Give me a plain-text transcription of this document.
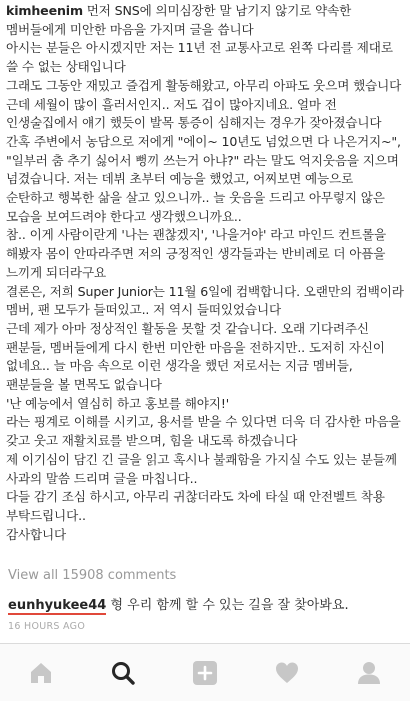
kimheenim 먼저 SNS에 의미심장한 말 남기지 않기로 약속한 멤버들에게 미안한 마음을 가지며 글을 씁니다
아시는 분들은 아시겠지만 저는 11년 전 교통사고로 왼쪽 다리를 제대로 쓸 수 없는 상태입니다
그래도 그동안 재밌고 즐겁게 활동해왔고, 아무리 아파도 웃으며 했습니다
근데 세월이 많이 흘러서인지.. 저도 겁이 많아지네요. 얼마 전 인생술집에서 얘기 했듯이 발목 통증이 심해지는 경우가 잦아졌습니다
간혹 주변에서 농담으로 저에게 "에이~ 10년도 넘었으면 다 나은거지~", "일부러 춤 추기 싫어서 뻥끼 쓰는거 아냐?" 라는 말도 억지웃음을 지으며 넘겼습니다. 저는 데뷔 초부터 예능을 했었고, 어찌보면 예능으로 순탄하고 행복한 삶을 살고 있으니까.. 늘 웃음을 드리고 아무렇지 않은 모습을 보여드려야 한다고 생각했으니까요..
참.. 이게 사람이란게 '나는 괜찮겠지', '나을거야' 라고 마인드 컨트롤을 해봤자 몸이 안따라주면 저의 긍정적인 생각들과는 반비례로 더 아픔을 느끼게 되더라구요
결론은, 저희 Super Junior는 11월 6일에 컴백합니다. 오랜만의 컴백이라 멤버, 팬 모두가 들떠있고.. 저 역시 들떠있었습니다
근데 제가 아마 정상적인 활동을 못할 것 같습니다. 오래 기다려주신 팬분들, 멤버들에게 다시 한번 미안한 마음을 전하지만.. 도저히 자신이 없네요.. 늘 마음 속으로 이런 생각을 했던 저로서는 지금 멤버들, 팬분들을 볼 면목도 없습니다
'난 예능에서 열심히 하고 홍보를 해야지!'
라는 핑계로 이해를 시키고, 용서를 받을 수 있다면 더욱 더 감사한 마음을 갖고 웃고 재활치료를 받으며, 힘을 내도록 하겠습니다
제 이기심이 담긴 긴 글을 읽고 혹시나 불쾌함을 가지실 수도 있는 분들께 사과의 말씀 드리며 글을 마칩니다..
다들 감기 조심 하시고, 아무리 귀찮더라도 차에 타실 때 안전벨트 착용 부탁드립니다..
감사합니다
View all 15908 comments
eunhyukee44 형 우리 함께 할 수 있는 길을 잘 찾아봐요.
16 HOURS AGO
